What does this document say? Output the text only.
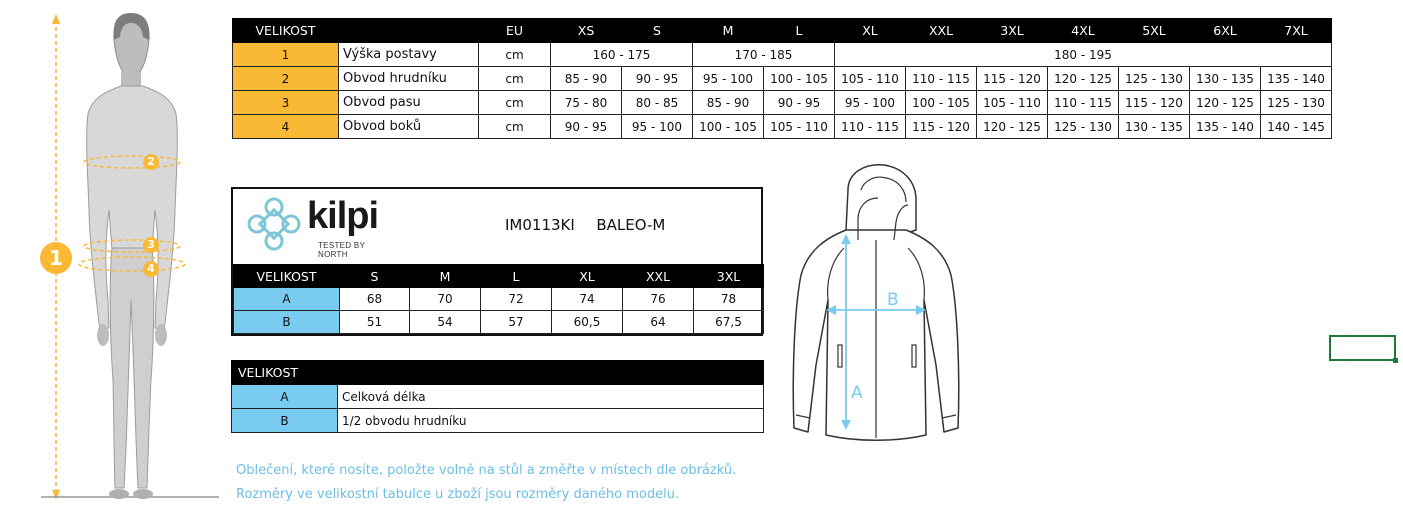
1
2
3
4
VELIKOST		EU	XS	S	M	L	XL	XXL	3XL	4XL	5XL	6XL	7XL
1	Výška postavy	cm	160 - 175		170 - 185		180 - 195						
2	Obvod hrudníku	cm	85 - 90	90 - 95	95 - 100	100 - 105	105 - 110	110 - 115	115 - 120	120 - 125	125 - 130	130 - 135	135 - 140
3	Obvod pasu	cm	75 - 80	80 - 85	85 - 90	90 - 95	95 - 100	100 - 105	105 - 110	110 - 115	115 - 120	120 - 125	125 - 130
4	Obvod boků	cm	90 - 95	95 - 100	100 - 105	105 - 110	110 - 115	115 - 120	120 - 125	125 - 130	130 - 135	135 - 140	140 - 145
kilpi
TESTED BY NORTH
IM0113KI BALEO-M
VELIKOST	S	M	L	XL	XXL	3XL
A	68	70	72	74	76	78
B	51	54	57	60,5	64	67,5
VELIKOST	
A	Celková délka
B	1/2 obvodu hrudníku
Oblečení, které nosíte, položte volně na stůl a změřte v místech dle obrázků.
Rozměry ve velikostní tabulce u zboží jsou rozměry daného modelu.
A
B
